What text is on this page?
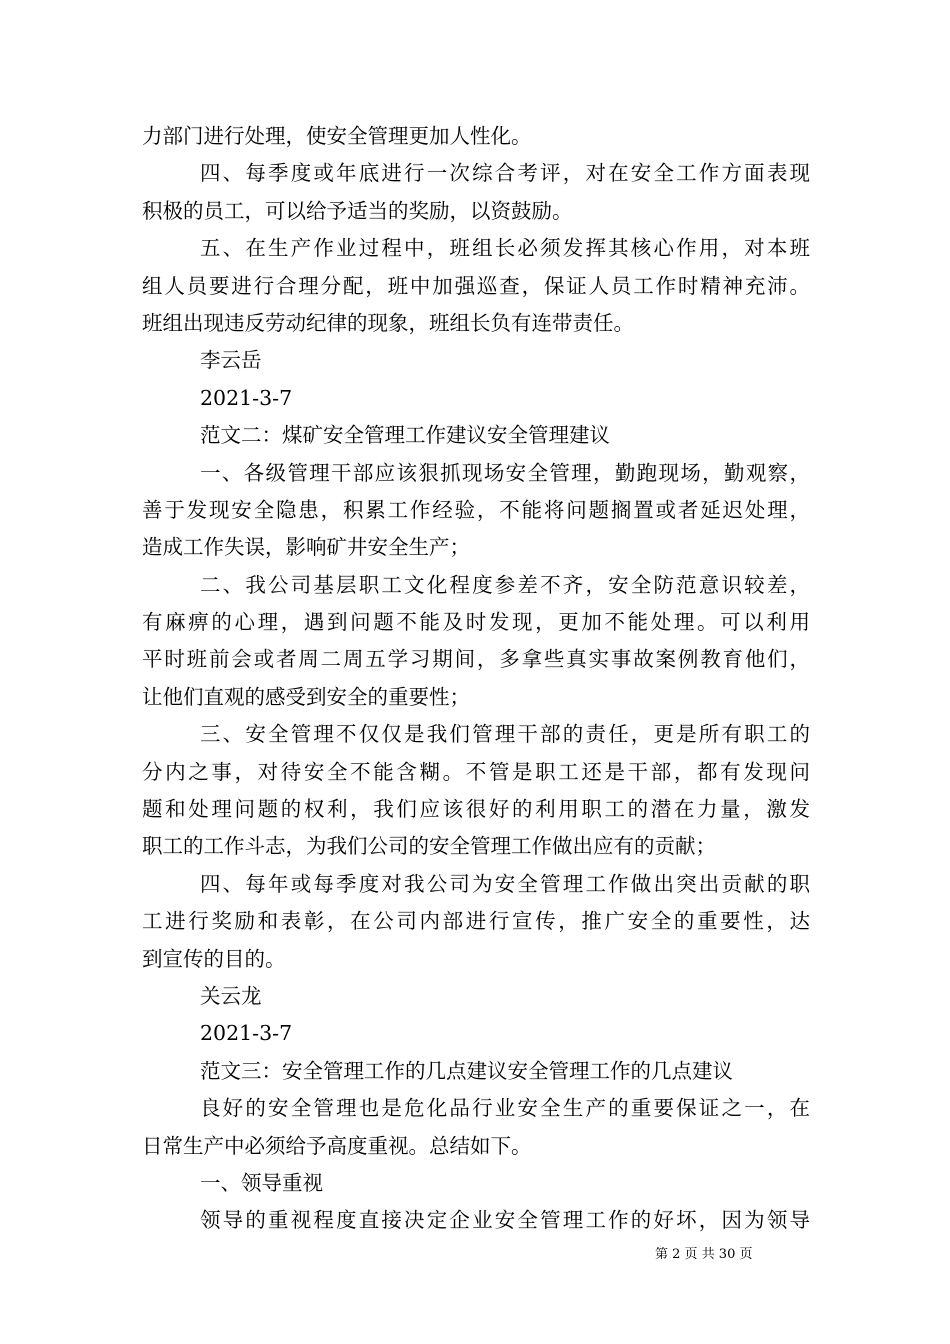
力部门进行处理，使安全管理更加人性化。
四、每季度或年底进行一次综合考评，对在安全工作方面表现
积极的员工，可以给予适当的奖励，以资鼓励。
五、在生产作业过程中，班组长必须发挥其核心作用，对本班
组人员要进行合理分配，班中加强巡查，保证人员工作时精神充沛。
班组出现违反劳动纪律的现象，班组长负有连带责任。
李云岳
2021-3-7
范文二：煤矿安全管理工作建议安全管理建议
一、各级管理干部应该狠抓现场安全管理，勤跑现场，勤观察，
善于发现安全隐患，积累工作经验，不能将问题搁置或者延迟处理，
造成工作失误，影响矿井安全生产；
二、我公司基层职工文化程度参差不齐，安全防范意识较差，
有麻痹的心理，遇到问题不能及时发现，更加不能处理。可以利用
平时班前会或者周二周五学习期间，多拿些真实事故案例教育他们，
让他们直观的感受到安全的重要性；
三、安全管理不仅仅是我们管理干部的责任，更是所有职工的
分内之事，对待安全不能含糊。不管是职工还是干部，都有发现问
题和处理问题的权利，我们应该很好的利用职工的潜在力量，激发
职工的工作斗志，为我们公司的安全管理工作做出应有的贡献；
四、每年或每季度对我公司为安全管理工作做出突出贡献的职
工进行奖励和表彰，在公司内部进行宣传，推广安全的重要性，达
到宣传的目的。
关云龙
2021-3-7
范文三：安全管理工作的几点建议安全管理工作的几点建议
良好的安全管理也是危化品行业安全生产的重要保证之一，在
日常生产中必须给予高度重视。总结如下。
一、领导重视
领导的重视程度直接决定企业安全管理工作的好坏，因为领导
第 2 页 共 30 页
